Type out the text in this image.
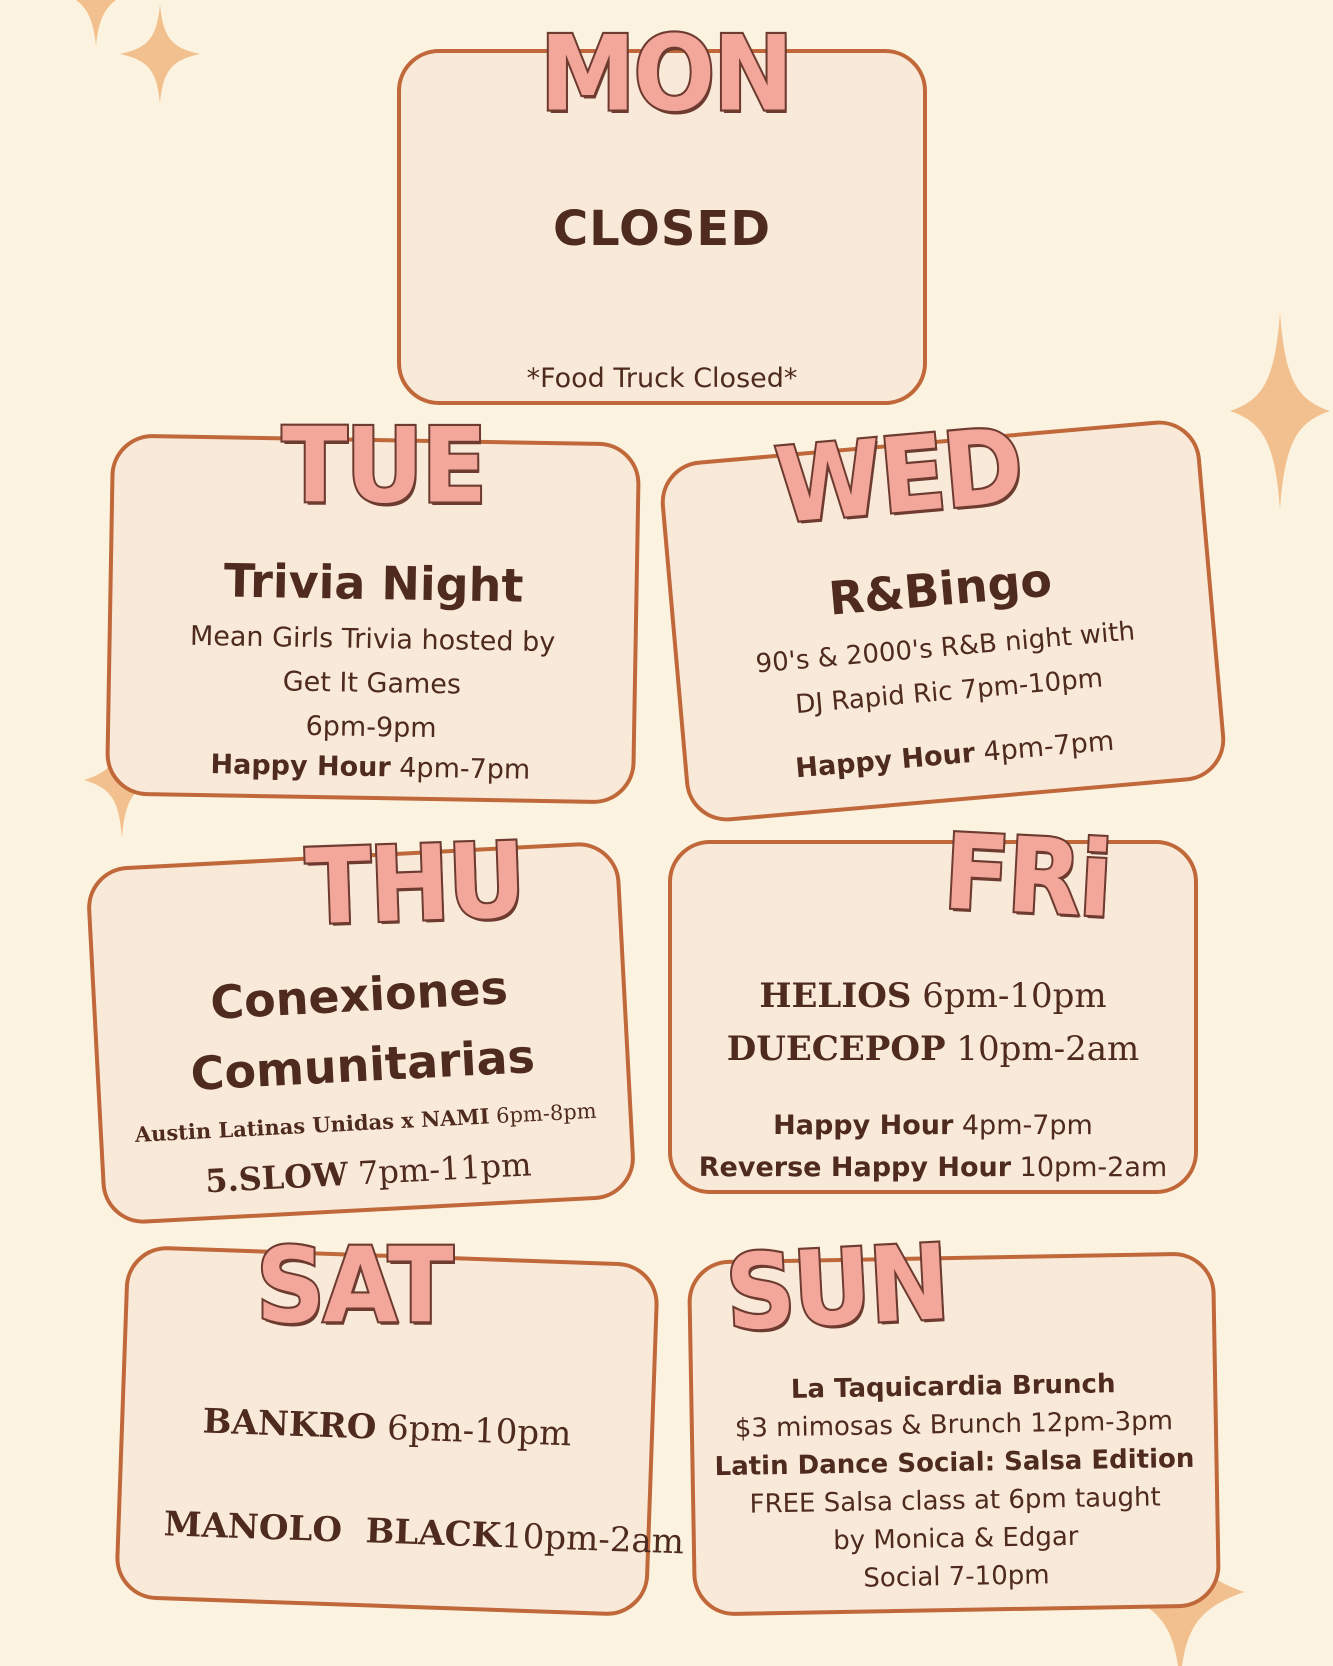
CLOSED
*Food Truck Closed*
MON
Trivia Night
Mean Girls Trivia hosted by
Get It Games
6pm-9pm
Happy Hour 4pm-7pm
TUE
R&Bingo
90's & 2000's R&B night with
DJ Rapid Ric 7pm-10pm
Happy Hour 4pm-7pm
WED
Conexiones
Comunitarias
Austin Latinas Unidas x NAMI 6pm-8pm
5.SLOW 7pm-11pm
THU
HELIOS 6pm-10pm
DUECEPOP 10pm-2am
Happy Hour 4pm-7pm
Reverse Happy Hour 10pm-2am
FRi
BANKRO 6pm-10pm

MANOLO  BLACK10pm-2am

SAT
La Taquicardia Brunch
$3 mimosas & Brunch 12pm-3pm
Latin Dance Social: Salsa Edition
FREE Salsa class at 6pm taught
by Monica & Edgar
Social 7-10pm
SUN
